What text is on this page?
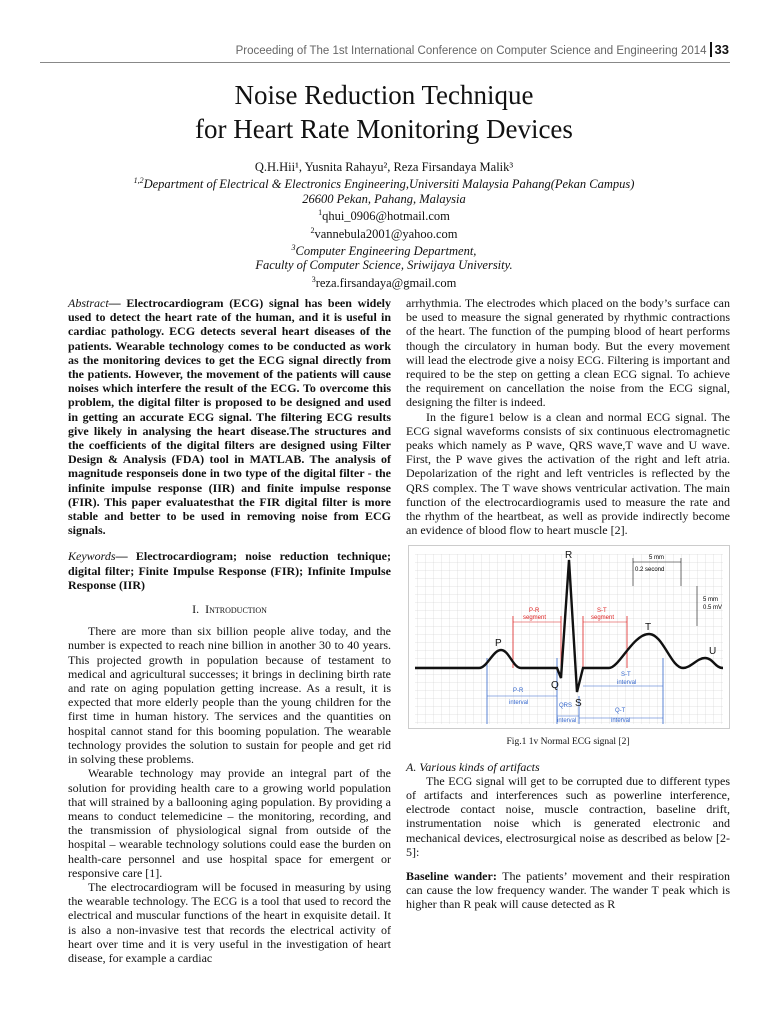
Proceeding of The 1st International Conference on Computer Science and Engineering 2014 33
Noise Reduction Technique
for Heart Rate Monitoring Devices
Q.H.Hii¹, Yusnita Rahayu², Reza Firsandaya Malik³
$^{1,2}$Department of Electrical & Electronics Engineering,Universiti Malaysia Pahang(Pekan Campus)
26600 Pekan, Pahang, Malaysia
$^1$qhui_0906@hotmail.com
$^2$vannebula2001@yahoo.com
$^3$Computer Engineering Department,
Faculty of Computer Science, Sriwijaya University.
$^3$reza.firsandaya@gmail.com

Abstract— Electrocardiogram (ECG) signal has been widely used to detect the heart rate of the human, and it is useful in cardiac pathology. ECG detects several heart diseases of the patients. Wearable technology comes to be conducted as work as the monitoring devices to get the ECG signal directly from the patients. However, the movement of the patients will cause noises which interfere the result of the ECG. To overcome this problem, the digital filter is proposed to be designed and used in getting an accurate ECG signal. The filtering ECG results give likely in analysing the heart disease.The structures and the coefficients of the digital filters are designed using Filter Design & Analysis (FDA) tool in MATLAB. The analysis of magnitude responseis done in two type of the digital filter - the infinite impulse response (IIR) and finite impulse response (FIR). This paper evaluatesthat the FIR digital filter is more stable and better to be used in removing noise from ECG signals.

Keywords— Electrocardiogram; noise reduction technique; digital filter; Finite Impulse Response (FIR); Infinite Impulse Response (IIR)

I. Introduction

There are more than six billion people alive today, and the number is expected to reach nine billion in another 30 to 40 years. This projected growth in population because of testament to medical and agricultural successes; it brings in declining birth rate and rate on aging population getting increase. As a result, it is expected that more elderly people than the young children for the first time in human history. The services and the quantities on hospital cannot stand for this booming population. The wearable technology provides the solution to sustain for people and get rid in solving these problems.

Wearable technology may provide an integral part of the solution for providing health care to a growing world population that will strained by a ballooning aging population. By providing a means to conduct telemedicine – the monitoring, recording, and the transmission of physiological signal from outside of the hospital – wearable technology solutions could ease the burden on health-care personnel and use hospital space for emergent or responsive care [1].

The electrocardiogram will be focused in measuring by using the wearable technology. The ECG is a tool that used to record the electrical and muscular functions of the heart in exquisite detail. It is also a non-invasive test that records the electrical activity of heart over time and it is very useful in the investigation of heart disease, for example a cardiac

arrhythmia. The electrodes which placed on the body’s surface can be used to measure the signal generated by rhythmic contractions of the heart. The function of the pumping blood of heart performs though the circulatory in human body. But the every movement will lead the electrode give a noisy ECG. Filtering is important and required to be the step on getting a clean ECG signal. To achieve the requirement on cancellation the noise from the ECG signal, designing the filter is indeed.

In the figure1 below is a clean and normal ECG signal. The ECG signal waveforms consists of six continuous electromagnetic peaks which namely as P wave, QRS wave,T wave and U wave. First, the P wave gives the activation of the right and left atria. Depolarization of the right and left ventricles is reflected by the QRS complex. The T wave shows ventricular activation. The main function of the electrocardiogramis used to measure the rate and the rhythm of the heartbeat, as well as provide indirectly become an evidence of blood flow to heart muscle [2].

5 mm
0.2 second
5 mm
0.5 mV
P-R
segment
S-T
segment
P-R
interval	QRS
interval
Q-T
interval
S-T
interval
R
P
T
U
Q
S

Fig.1 1v Normal ECG signal [2]

A. Various kinds of artifacts

The ECG signal will get to be corrupted due to different types of artifacts and interferences such as powerline interference, electrode contact noise, muscle contraction, baseline drift, instrumentation noise which is generated electronic and mechanical devices, electrosurgical noise as described as below [2-5]:

Baseline wander: The patients’ movement and their respiration can cause the low frequency wander. The wander T peak which is higher than R peak will cause detected as R
